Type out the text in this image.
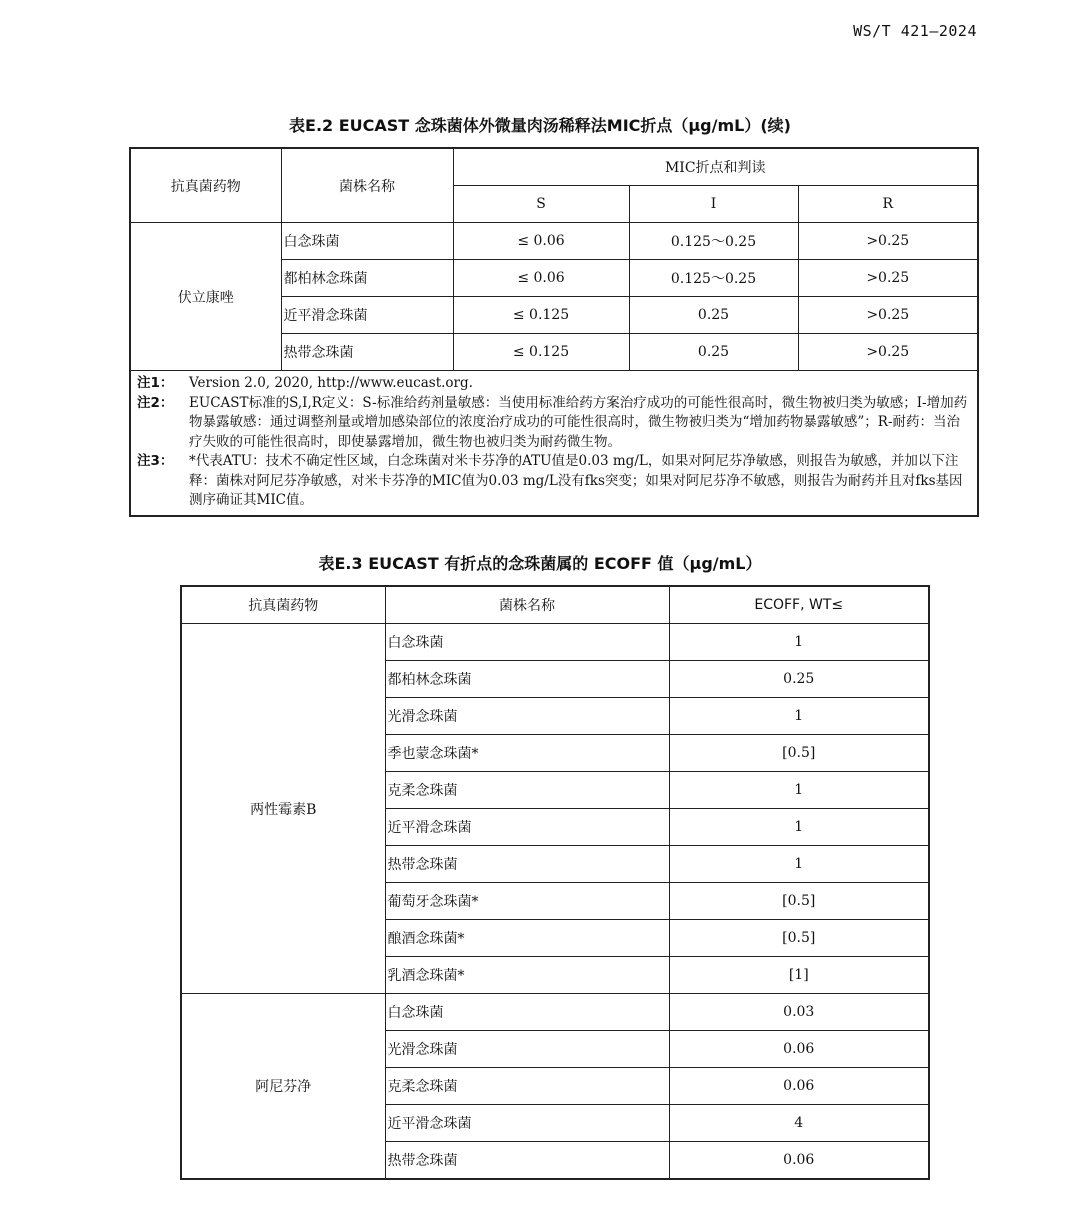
WS/T 421—2024
表E.2 EUCAST 念珠菌体外微量肉汤稀释法MIC折点（μg/mL）(续)
抗真菌药物	菌株名称	MIC折点和判读		
		S	I	R
伏立康唑	白念珠菌	≤ 0.06	0.125～0.25	>0.25
	都柏林念珠菌	≤ 0.06	0.125～0.25	>0.25
	近平滑念珠菌	≤ 0.125	0.25	>0.25
	热带念珠菌	≤ 0.125	0.25	>0.25

注1： Version 2.0, 2020, http://www.eucast.org.
注2： EUCAST标准的S,I,R定义：S-标准给药剂量敏感：当使用标准给药方案治疗成功的可能性很高时，微生物被归类为敏感；I-增加药物暴露敏感：通过调整剂量或增加感染部位的浓度治疗成功的可能性很高时，微生物被归类为“增加药物暴露敏感”；R-耐药：当治疗失败的可能性很高时，即使暴露增加，微生物也被归类为耐药微生物。
注3： *代表ATU：技术不确定性区域，白念珠菌对米卡芬净的ATU值是0.03 mg/L，如果对阿尼芬净敏感，则报告为敏感，并加以下注释：菌株对阿尼芬净敏感，对米卡芬净的MIC值为0.03 mg/L没有fks突变；如果对阿尼芬净不敏感，则报告为耐药并且对fks基因测序确证其MIC值。				
表E.3 EUCAST 有折点的念珠菌属的 ECOFF 值（μg/mL）
抗真菌药物	菌株名称	ECOFF, WT≤
两性霉素B	白念珠菌	1
	都柏林念珠菌	0.25
	光滑念珠菌	1
	季也蒙念珠菌*	[0.5]
	克柔念珠菌	1
	近平滑念珠菌	1
	热带念珠菌	1
	葡萄牙念珠菌*	[0.5]
	酿酒念珠菌*	[0.5]
	乳酒念珠菌*	[1]
阿尼芬净	白念珠菌	0.03
	光滑念珠菌	0.06
	克柔念珠菌	0.06
	近平滑念珠菌	4
	热带念珠菌	0.06
